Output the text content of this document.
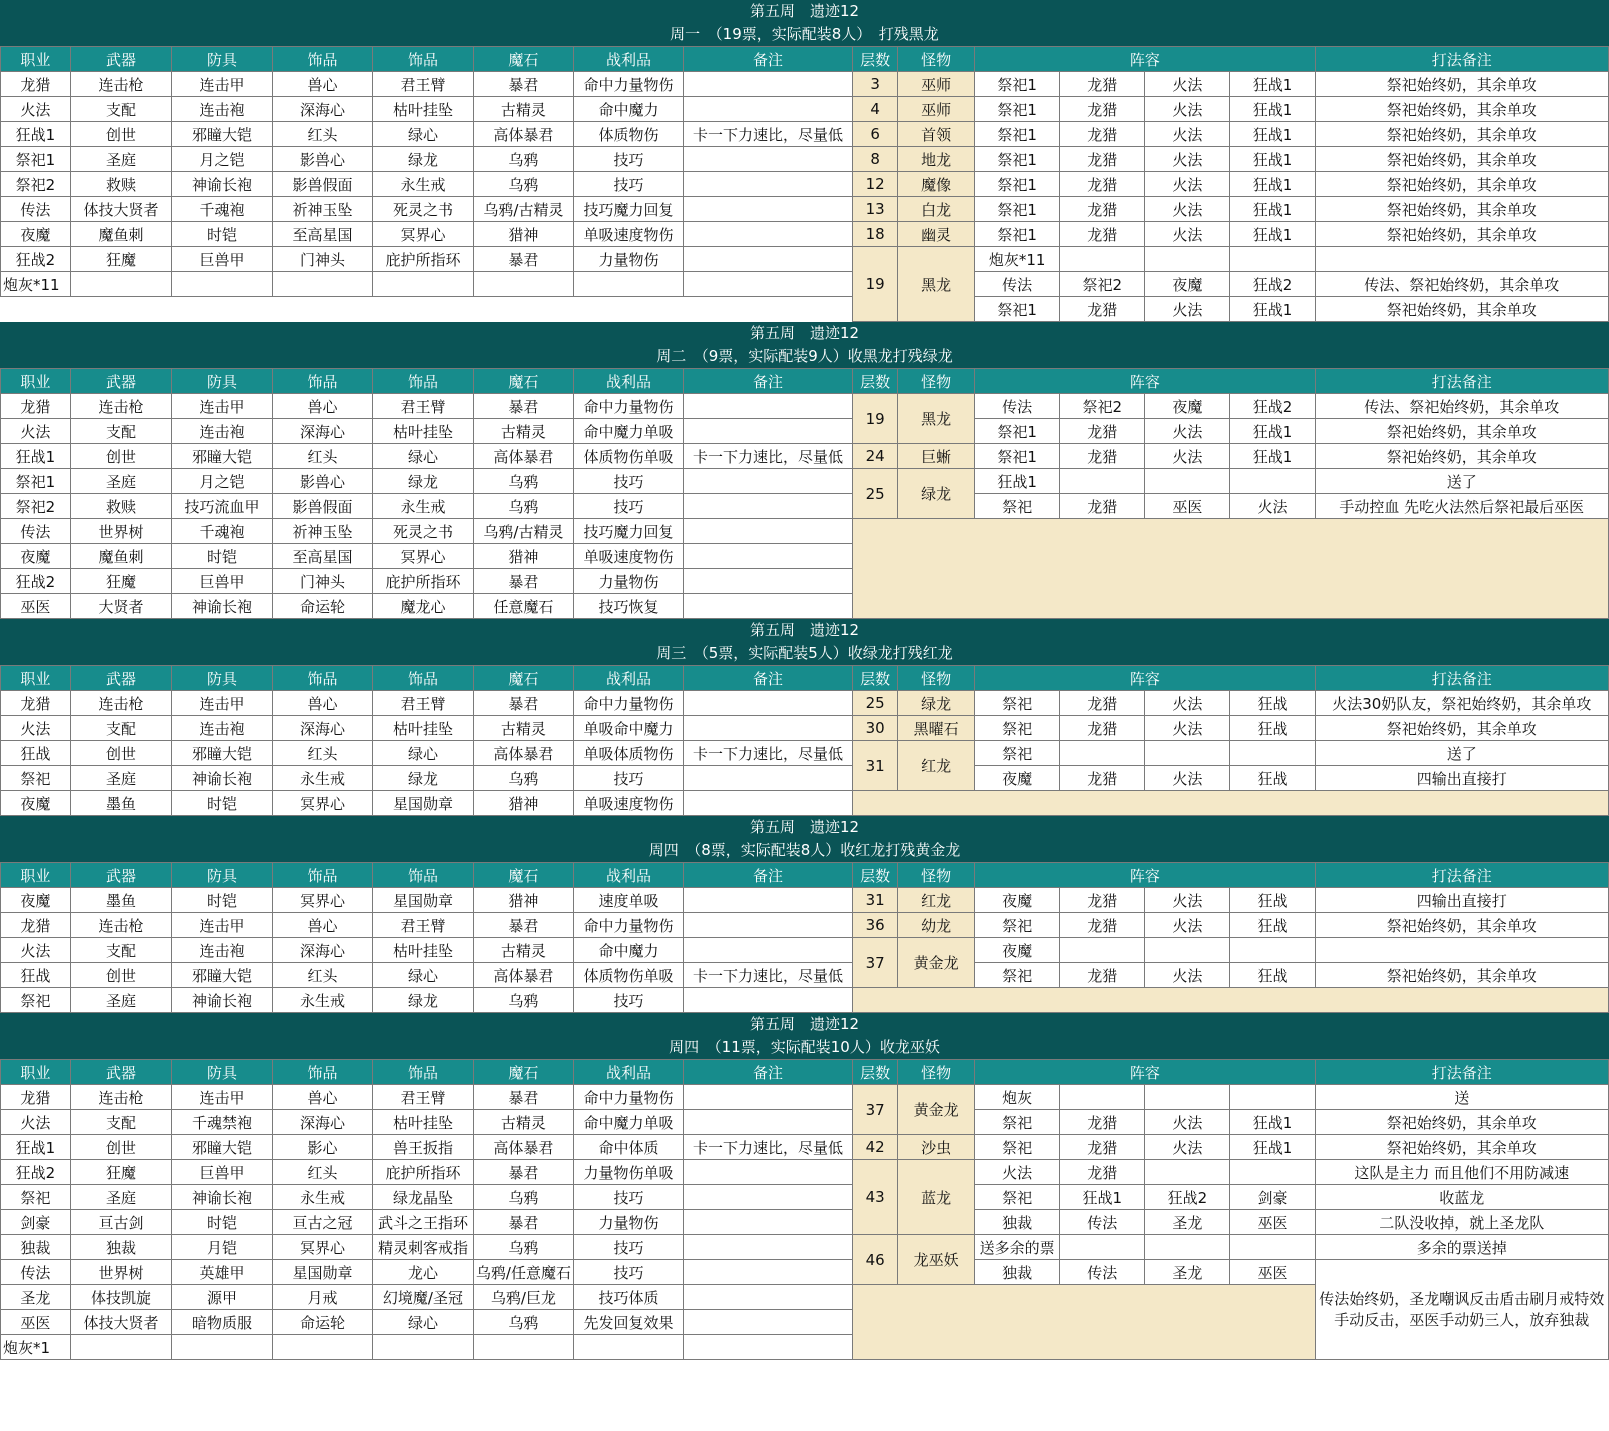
第五周　遗迹12
周一　（19票，实际配装8人）　打残黑龙
职业	武器	防具	饰品	饰品	魔石	战利品	备注	层数	怪物	阵容				打法备注
龙猎	连击枪	连击甲	兽心	君王臂	暴君	命中力量物伤		3	巫师	祭祀1	龙猎	火法	狂战1	祭祀始终奶，其余单攻
火法	支配	连击袍	深海心	枯叶挂坠	古精灵	命中魔力		4	巫师	祭祀1	龙猎	火法	狂战1	祭祀始终奶，其余单攻
狂战1	创世	邪瞳大铠	红头	绿心	高体暴君	体质物伤	卡一下力速比，尽量低	6	首领	祭祀1	龙猎	火法	狂战1	祭祀始终奶，其余单攻
祭祀1	圣庭	月之铠	影兽心	绿龙	乌鸦	技巧		8	地龙	祭祀1	龙猎	火法	狂战1	祭祀始终奶，其余单攻
祭祀2	救赎	神谕长袍	影兽假面	永生戒	乌鸦	技巧		12	魔像	祭祀1	龙猎	火法	狂战1	祭祀始终奶，其余单攻
传法	体技大贤者	千魂袍	祈神玉坠	死灵之书	乌鸦/古精灵	技巧魔力回复		13	白龙	祭祀1	龙猎	火法	狂战1	祭祀始终奶，其余单攻
夜魔	魔鱼刺	时铠	至高星国	冥界心	猎神	单吸速度物伤		18	幽灵	祭祀1	龙猎	火法	狂战1	祭祀始终奶，其余单攻
狂战2	狂魔	巨兽甲	门神头	庇护所指环	暴君	力量物伤		19	黑龙	炮灰*11				
炮灰*11										传法	祭祀2	夜魔	狂战2	传法、祭祀始终奶，其余单攻
										祭祀1	龙猎	火法	狂战1	祭祀始终奶，其余单攻
第五周　遗迹12
周二　（9票，实际配装9人）收黑龙打残绿龙
职业	武器	防具	饰品	饰品	魔石	战利品	备注	层数	怪物	阵容				打法备注
龙猎	连击枪	连击甲	兽心	君王臂	暴君	命中力量物伤		19	黑龙	传法	祭祀2	夜魔	狂战2	传法、祭祀始终奶，其余单攻
火法	支配	连击袍	深海心	枯叶挂坠	古精灵	命中魔力单吸				祭祀1	龙猎	火法	狂战1	祭祀始终奶，其余单攻
狂战1	创世	邪瞳大铠	红头	绿心	高体暴君	体质物伤单吸	卡一下力速比，尽量低	24	巨蜥	祭祀1	龙猎	火法	狂战1	祭祀始终奶，其余单攻
祭祀1	圣庭	月之铠	影兽心	绿龙	乌鸦	技巧		25	绿龙	狂战1				送了
祭祀2	救赎	技巧流血甲	影兽假面	永生戒	乌鸦	技巧				祭祀	龙猎	巫医	火法	手动控血 先吃火法然后祭祀最后巫医
传法	世界树	千魂袍	祈神玉坠	死灵之书	乌鸦/古精灵	技巧魔力回复								
夜魔	魔鱼刺	时铠	至高星国	冥界心	猎神	单吸速度物伤								
狂战2	狂魔	巨兽甲	门神头	庇护所指环	暴君	力量物伤								
巫医	大贤者	神谕长袍	命运轮	魔龙心	任意魔石	技巧恢复								
第五周　遗迹12
周三　（5票，实际配装5人）收绿龙打残红龙
职业	武器	防具	饰品	饰品	魔石	战利品	备注	层数	怪物	阵容				打法备注
龙猎	连击枪	连击甲	兽心	君王臂	暴君	命中力量物伤		25	绿龙	祭祀	龙猎	火法	狂战	火法30奶队友，祭祀始终奶，其余单攻
火法	支配	连击袍	深海心	枯叶挂坠	古精灵	单吸命中魔力		30	黑曜石	祭祀	龙猎	火法	狂战	祭祀始终奶，其余单攻
狂战	创世	邪瞳大铠	红头	绿心	高体暴君	单吸体质物伤	卡一下力速比，尽量低	31	红龙	祭祀				送了
祭祀	圣庭	神谕长袍	永生戒	绿龙	乌鸦	技巧				夜魔	龙猎	火法	狂战	四输出直接打
夜魔	墨鱼	时铠	冥界心	星国勋章	猎神	单吸速度物伤								
第五周　遗迹12
周四　（8票，实际配装8人）收红龙打残黄金龙
职业	武器	防具	饰品	饰品	魔石	战利品	备注	层数	怪物	阵容				打法备注
夜魔	墨鱼	时铠	冥界心	星国勋章	猎神	速度单吸		31	红龙	夜魔	龙猎	火法	狂战	四输出直接打
龙猎	连击枪	连击甲	兽心	君王臂	暴君	命中力量物伤		36	幼龙	祭祀	龙猎	火法	狂战	祭祀始终奶，其余单攻
火法	支配	连击袍	深海心	枯叶挂坠	古精灵	命中魔力		37	黄金龙	夜魔				
狂战	创世	邪瞳大铠	红头	绿心	高体暴君	体质物伤单吸	卡一下力速比，尽量低			祭祀	龙猎	火法	狂战	祭祀始终奶，其余单攻
祭祀	圣庭	神谕长袍	永生戒	绿龙	乌鸦	技巧								
第五周　遗迹12
周四　（11票，实际配装10人）收龙巫妖
职业	武器	防具	饰品	饰品	魔石	战利品	备注	层数	怪物	阵容				打法备注
龙猎	连击枪	连击甲	兽心	君王臂	暴君	命中力量物伤		37	黄金龙	炮灰				送
火法	支配	千魂禁袍	深海心	枯叶挂坠	古精灵	命中魔力单吸				祭祀	龙猎	火法	狂战1	祭祀始终奶，其余单攻
狂战1	创世	邪瞳大铠	影心	兽王扳指	高体暴君	命中体质	卡一下力速比，尽量低	42	沙虫	祭祀	龙猎	火法	狂战1	祭祀始终奶，其余单攻
狂战2	狂魔	巨兽甲	红头	庇护所指环	暴君	力量物伤单吸		43	蓝龙	火法	龙猎			这队是主力 而且他们不用防减速
祭祀	圣庭	神谕长袍	永生戒	绿龙晶坠	乌鸦	技巧				祭祀	狂战1	狂战2	剑豪	收蓝龙
剑豪	亘古剑	时铠	亘古之冠	武斗之王指环	暴君	力量物伤				独裁	传法	圣龙	巫医	二队没收掉，就上圣龙队
独裁	独裁	月铠	冥界心	精灵刺客戒指	乌鸦	技巧		46	龙巫妖	送多余的票				多余的票送掉
传法	世界树	英雄甲	星国勋章	龙心	乌鸦/任意魔石	技巧				独裁	传法	圣龙	巫医	传法始终奶，圣龙嘲讽反击盾击刷月戒特效手动反击，巫医手动奶三人，放弃独裁
圣龙	体技凯旋	源甲	月戒	幻境魔/圣冠	乌鸦/巨龙	技巧体质								
巫医	体技大贤者	暗物质服	命运轮	绿心	乌鸦	先发回复效果								
炮灰*1														
